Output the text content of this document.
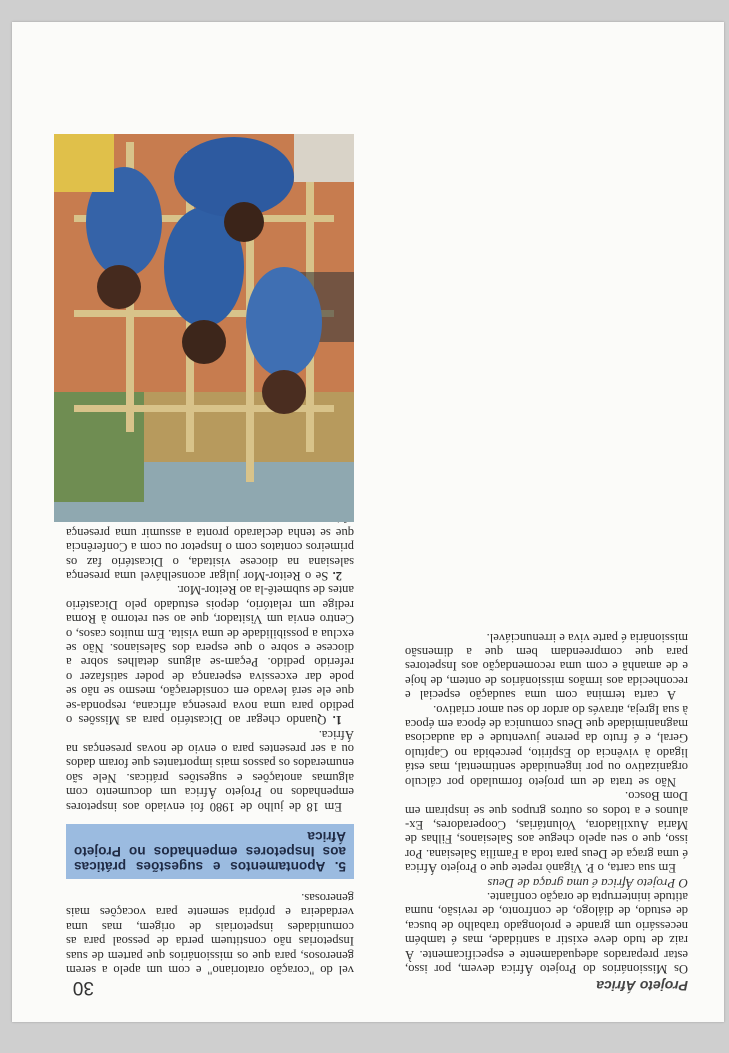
vel do "coração oratoriano" e com um apelo a serem generosos, para que os missionários que partem de suas Inspetorias não constituem perda de pessoal para as comunidades inspetoriais de origem, mas uma verdadeira e própria semente para vocações mais generosas.

5. Apontamentos e sugestões práticas aos Inspetores empenhados no Projeto África

Em 18 de julho de 1980 foi enviado aos inspetores empenhados no Projeto África um documento com algumas anotações e sugestões práticas. Nele são enumerados os passos mais importantes que foram dados ou a ser presentes para o envio de novas presenças na África.

1. Quando chegar ao Dicastério para as Missões o pedido para uma nova presença africana, responda-se que ele será levado em consideração, mesmo se não se pode dar excessiva esperança de poder satisfazer o referido pedido. Peçam-se alguns detalhes sobre a diocese e sobre o que espera dos Salesianos. Não se exclua a possibilidade de uma visita. Em muitos casos, o Centro envia um Visitador, que ao seu retorno à Roma redige um relatório, depois estudado pelo Dicastério antes de submetê-la ao Reitor-Mor.

2. Se o Reitor-Mor julgar aconselhável uma presença salesiana na diocese visitada, o Dicastério faz os primeiros contatos com o Inspetor ou com a Conferência que se tenha declarado pronta a assumir uma presença

Os Missionários do Projeto África devem, por isso, estar preparados adequadamente e especificamente. À raiz de tudo deve existir a santidade, mas é também necessário um grande e prolongado trabalho de busca, de estudo, de diálogo, de confronto, de revisão, numa atitude ininterrupta de oração confiante.

O Projeto África é uma graça de Deus

Em sua carta, o P. Viganò repete que o Projeto África é uma graça de Deus para toda a Família Salesiana. Por isso, que o seu apelo chegue aos Salesianos, Filhas de Maria Auxiliadora, Voluntárias, Cooperadores, Ex-alunos e a todos os outros grupos que se inspiram em Dom Bosco.

Não se trata de um projeto formulado por cálculo organizativo ou por ingenuidade sentimental, mas está ligado à vivência do Espírito, percebida no Capítulo Geral, e é fruto da perene juventude e da audaciosa magnanimidade que Deus comunica de época em época à sua Igreja, através do ardor do seu amor criativo.

A carta termina com uma saudação especial e reconhecida aos irmãos missionários de ontem, de hoje e de amanhã e com uma recomendação aos Inspetores para que compreendam bem que a dimensão missionária é parte viva e irrenunciável.

30	Projeto África
